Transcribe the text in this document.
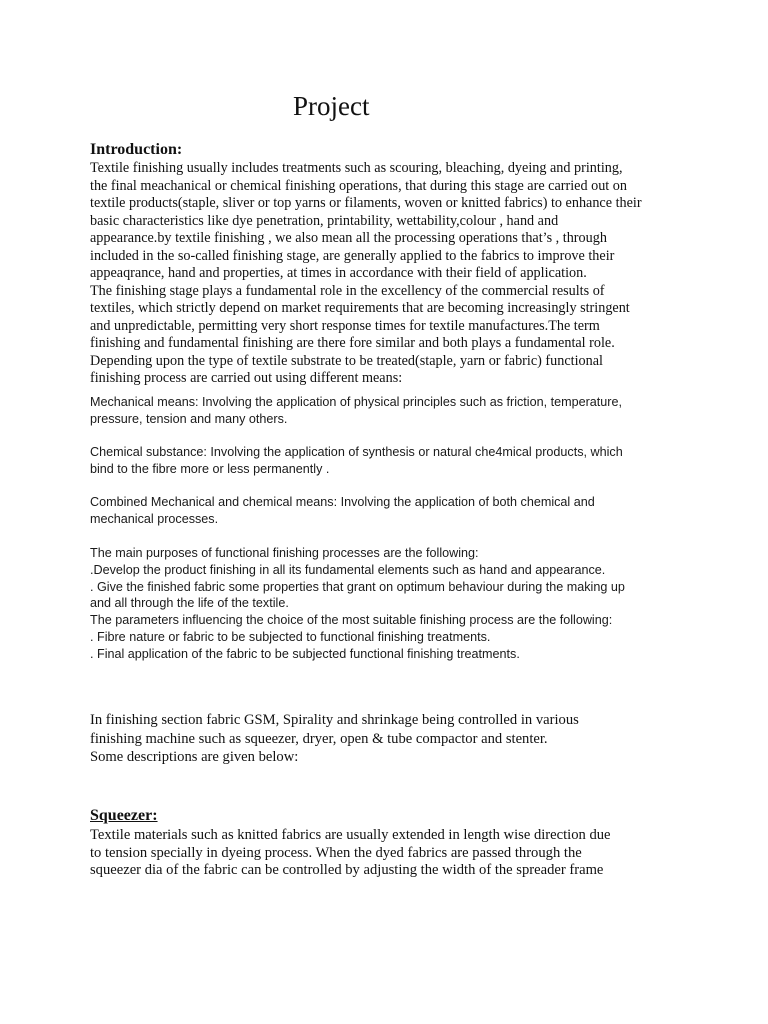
Project
Introduction:
Textile finishing usually includes treatments such as scouring, bleaching, dyeing and printing,
the final meachanical or chemical finishing operations, that during this stage are carried out on
textile products(staple, sliver or top yarns or filaments, woven or knitted fabrics) to enhance their
basic characteristics like dye penetration, printability, wettability,colour , hand and
appearance.by textile finishing , we also mean all the processing operations that’s , through
included in the so-called finishing stage, are generally applied to the fabrics to improve their
appeaqrance, hand and properties, at times in accordance with their field of application.
The finishing stage plays a fundamental role in the excellency of the commercial results of
textiles, which strictly depend on market requirements that are becoming increasingly stringent
and unpredictable, permitting very short response times for textile manufactures.The term
finishing and fundamental finishing are there fore similar and both plays a fundamental role.
Depending upon the type of textile substrate to be treated(staple, yarn or fabric) functional
finishing process are carried out using different means:
Mechanical means: Involving the application of physical principles such as friction, temperature,
pressure, tension and many others.
Chemical substance: Involving the application of synthesis or natural che4mical products, which
bind to the fibre more or less permanently .
Combined Mechanical and chemical means: Involving the application of both chemical and
mechanical processes.
The main purposes of functional finishing processes are the following:
.Develop the product finishing in all its fundamental elements such as hand and appearance.
. Give the finished fabric some properties that grant on optimum behaviour during the making up
and all through the life of the textile.
The parameters influencing the choice of the most suitable finishing process are the following:
. Fibre nature or fabric to be subjected to functional finishing treatments.
. Final application of the fabric to be subjected functional finishing treatments.
In finishing section fabric GSM, Spirality and shrinkage being controlled in various
finishing machine such as squeezer, dryer, open & tube compactor and stenter.
Some descriptions are given below:
Squeezer:
Textile materials such as knitted fabrics are usually extended in length wise direction due
to tension specially in dyeing process. When the dyed fabrics are passed through the
squeezer dia of the fabric can be controlled by adjusting the width of the spreader frame
